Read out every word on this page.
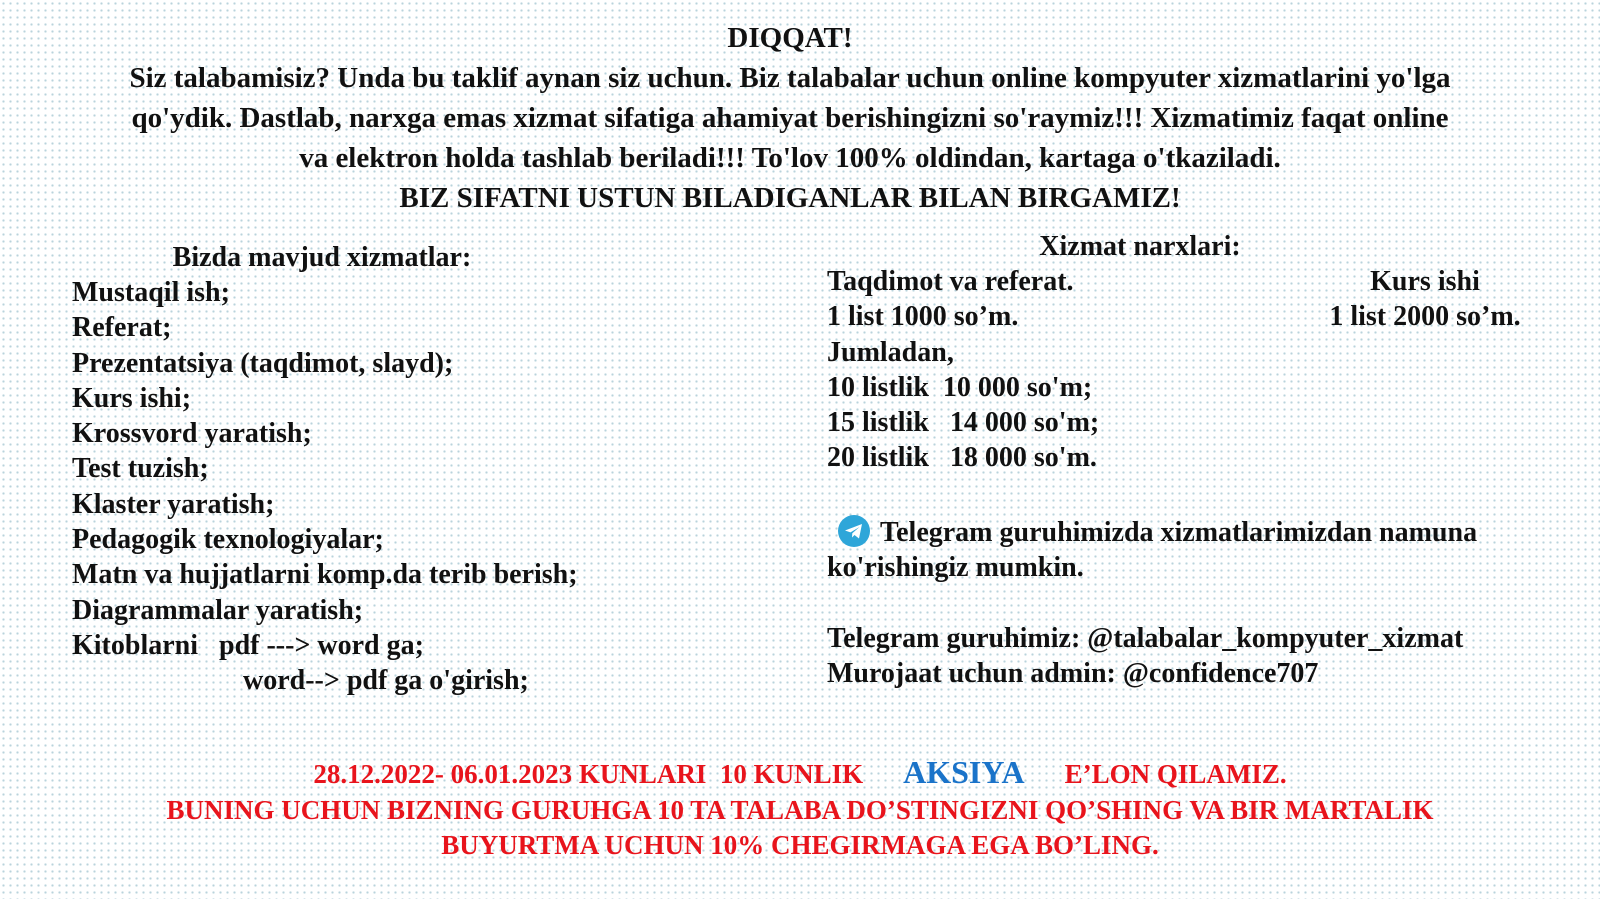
DIQQAT!
Siz talabamisiz? Unda bu taklif aynan siz uchun. Biz talabalar uchun online kompyuter xizmatlarini yo'lga
qo'ydik. Dastlab, narxga emas xizmat sifatiga ahamiyat berishingizni so'raymiz!!! Xizmatimiz faqat online
va elektron holda tashlab beriladi!!! To'lov 100% oldindan, kartaga o'tkaziladi.
BIZ SIFATNI USTUN BILADIGANLAR BILAN BIRGAMIZ!
Bizda mavjud xizmatlar:
Mustaqil ish;
Referat;
Prezentatsiya (taqdimot, slayd);
Kurs ishi;
Krossvord yaratish;
Test tuzish;
Klaster yaratish;
Pedagogik texnologiyalar;
Matn va hujjatlarni komp.da terib berish;
Diagrammalar yaratish;
Kitoblarni   pdf ---> word ga;
word--> pdf ga o'girish;
Xizmat narxlari:
Taqdimot va referat.
1 list 1000 so’m.
Jumladan,
10 listlik  10 000 so'm;
15 listlik   14 000 so'm;
20 listlik   18 000 so'm.
Kurs ishi
1 list 2000 so’m.
Telegram guruhimizda xizmatlarimizdan namuna
ko'rishingiz mumkin.
Telegram guruhimiz: @talabalar_kompyuter_xizmat
Murojaat uchun admin: @confidence707
28.12.2022- 06.01.2023 KUNLARI  10 KUNLIK AKSIYA E’LON QILAMIZ.
BUNING UCHUN BIZNING GURUHGA 10 TA TALABA DO’STINGIZNI QO’SHING VA BIR MARTALIK
BUYURTMA UCHUN 10% CHEGIRMAGA EGA BO’LING.
